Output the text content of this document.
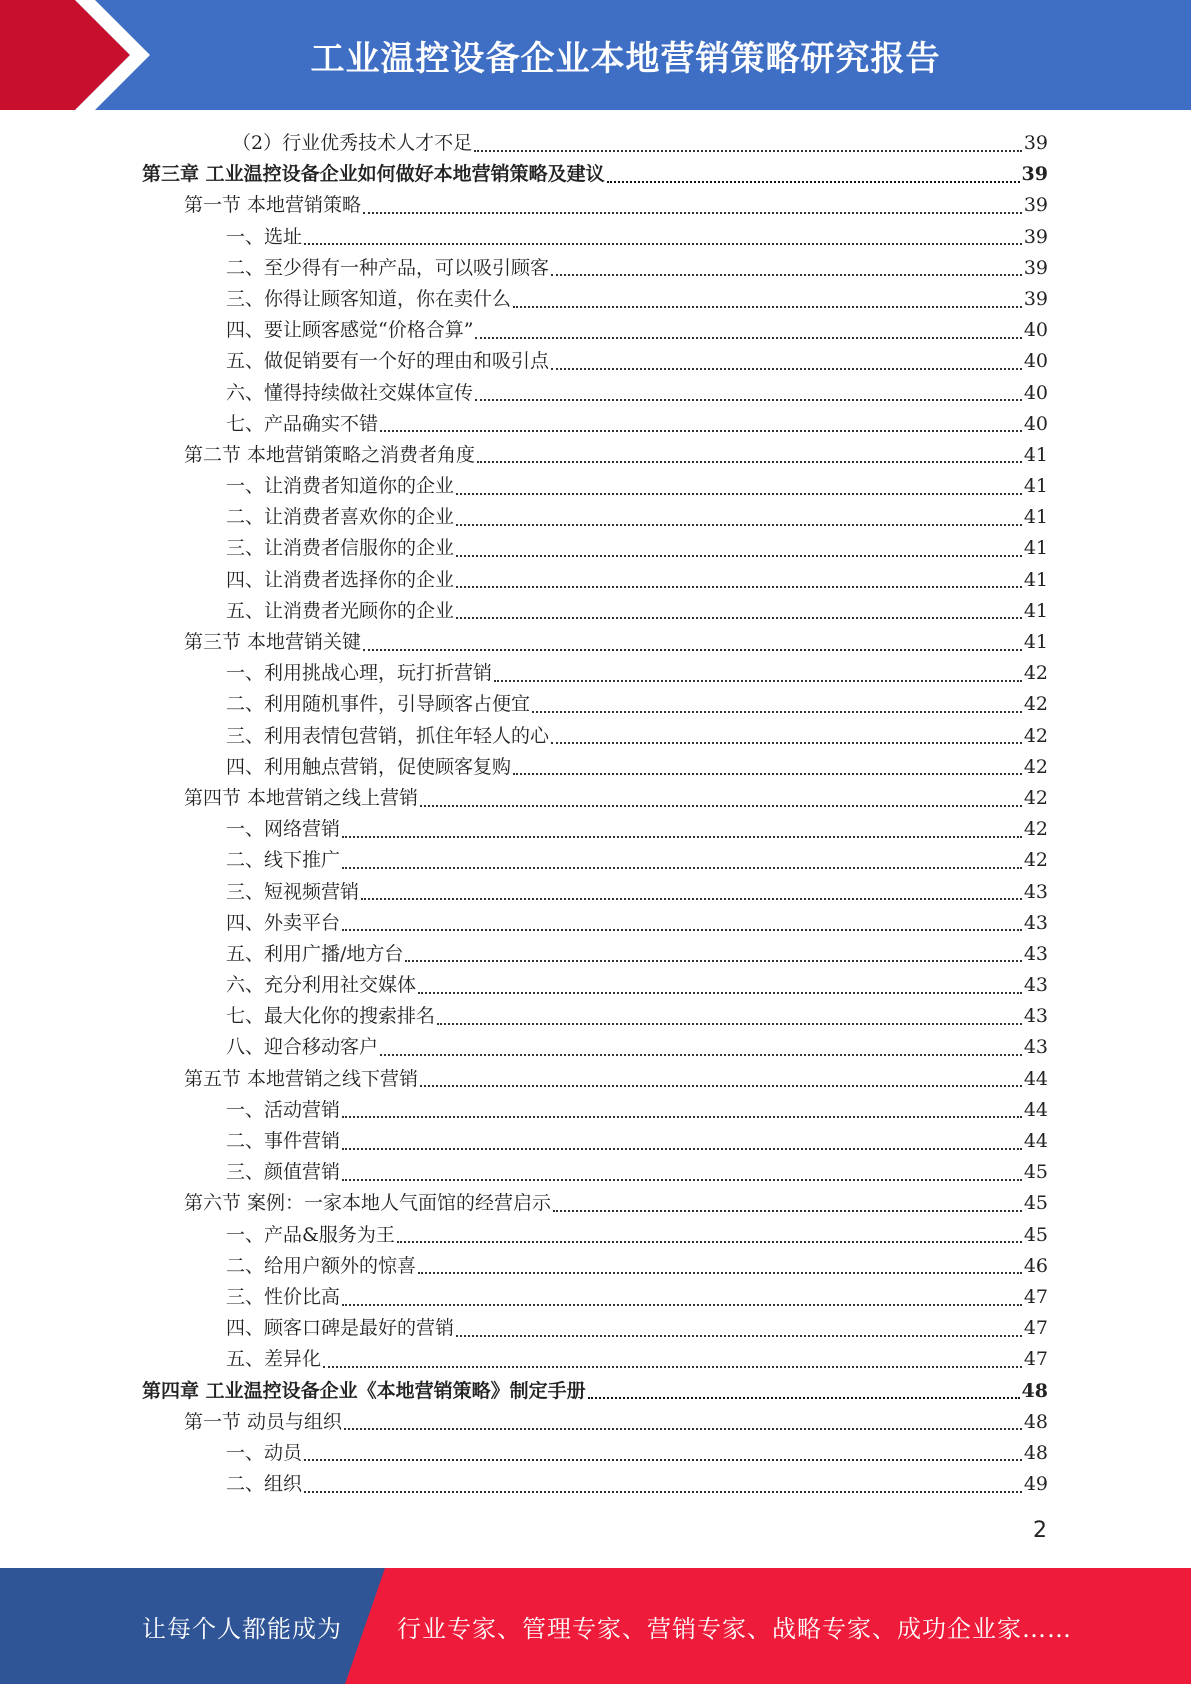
工业温控设备企业本地营销策略研究报告
（2）行业优秀技术人才不足	39
第三章 工业温控设备企业如何做好本地营销策略及建议	39
第一节 本地营销策略	39
一、选址	39
二、至少得有一种产品，可以吸引顾客	39
三、你得让顾客知道，你在卖什么	39
四、要让顾客感觉“价格合算”	40
五、做促销要有一个好的理由和吸引点	40
六、懂得持续做社交媒体宣传	40
七、产品确实不错	40
第二节 本地营销策略之消费者角度	41
一、让消费者知道你的企业	41
二、让消费者喜欢你的企业	41
三、让消费者信服你的企业	41
四、让消费者选择你的企业	41
五、让消费者光顾你的企业	41
第三节 本地营销关键	41
一、利用挑战心理，玩打折营销	42
二、利用随机事件，引导顾客占便宜	42
三、利用表情包营销，抓住年轻人的心	42
四、利用触点营销，促使顾客复购	42
第四节 本地营销之线上营销	42
一、网络营销	42
二、线下推广	42
三、短视频营销	43
四、外卖平台	43
五、利用广播/地方台	43
六、充分利用社交媒体	43
七、最大化你的搜索排名	43
八、迎合移动客户	43
第五节 本地营销之线下营销	44
一、活动营销	44
二、事件营销	44
三、颜值营销	45
第六节 案例：一家本地人气面馆的经营启示	45
一、产品&服务为王	45
二、给用户额外的惊喜	46
三、性价比高	47
四、顾客口碑是最好的营销	47
五、差异化	47
第四章 工业温控设备企业《本地营销策略》制定手册	48
第一节 动员与组织	48
一、动员	48
二、组织	49
2
让每个人都能成为 行业专家、管理专家、营销专家、战略专家、成功企业家……
